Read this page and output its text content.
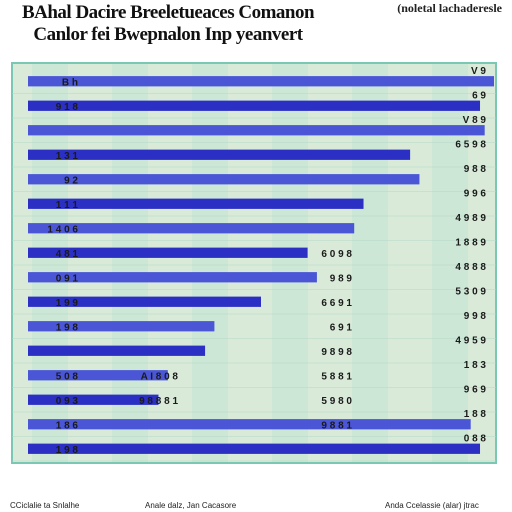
BAhal Dacire Breeletueaces Comanon
Canlor fei Bwepnalon Inp yeanvert
(noletal lachaderesle
B h
V 9
9 1 8
6 9
V 8 9
1 3 1
6 5 9 8
9 2
9 8 8
1 1 1
9 9 6
1 4 0 6
4 9 8 9
4 8 1
1 8 8 9
0 9 1
4 8 8 8
1 9 9
5 3 0 9
1 9 8
9 9 8
4 9 5 9
5 0 8
1 8 3
0 9 3
9 6 9
1 8 6
1 8 8
1 9 8
0 8 8
6 0 9 8
9 8 9
6 6 9 1
6 9 1
9 8 9 8
5 8 8 1
5 9 8 0
9 8 8 1
A I 8 0 8
9 8 8 8 1
CCiclalie ta Snlalhe	Anale dalz, Jan Cacasore	Anda Ccelassie (alar) jtrac
